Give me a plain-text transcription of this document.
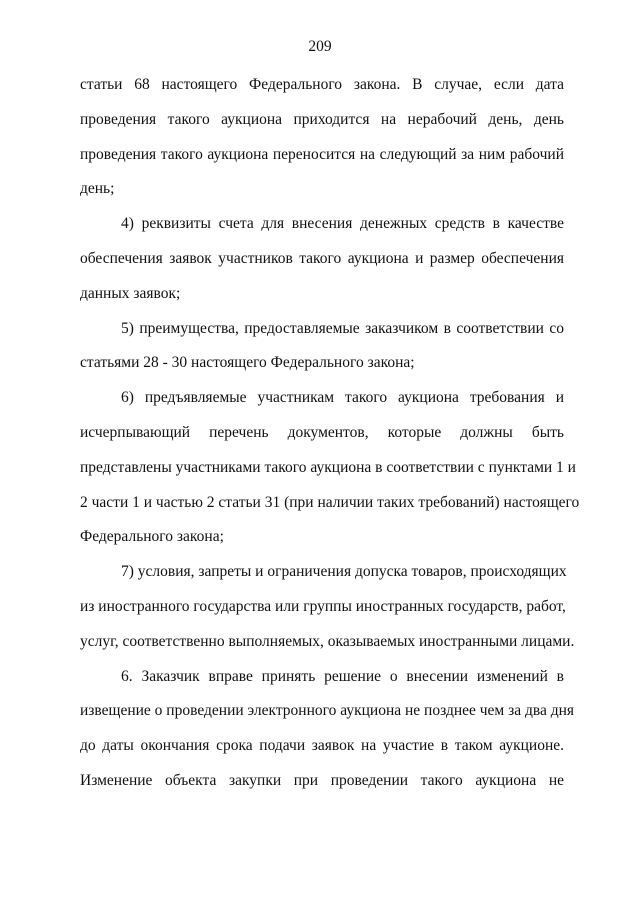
209
статьи 68 настоящего Федерального закона. В случае, если дата
проведения такого аукциона приходится на нерабочий день, день
проведения такого аукциона переносится на следующий за ним рабочий
день;
4) реквизиты счета для внесения денежных средств в качестве
обеспечения заявок участников такого аукциона и размер обеспечения
данных заявок;
5) преимущества, предоставляемые заказчиком в соответствии со
статьями 28 - 30 настоящего Федерального закона;
6) предъявляемые участникам такого аукциона требования и
исчерпывающий перечень документов, которые должны быть
представлены участниками такого аукциона в соответствии с пунктами 1 и
2 части 1 и частью 2 статьи 31 (при наличии таких требований) настоящего
Федерального закона;
7) условия, запреты и ограничения допуска товаров, происходящих
из иностранного государства или группы иностранных государств, работ,
услуг, соответственно выполняемых, оказываемых иностранными лицами.
6. Заказчик вправе принять решение о внесении изменений в
извещение о проведении электронного аукциона не позднее чем за два дня
до даты окончания срока подачи заявок на участие в таком аукционе.
Изменение объекта закупки при проведении такого аукциона не
